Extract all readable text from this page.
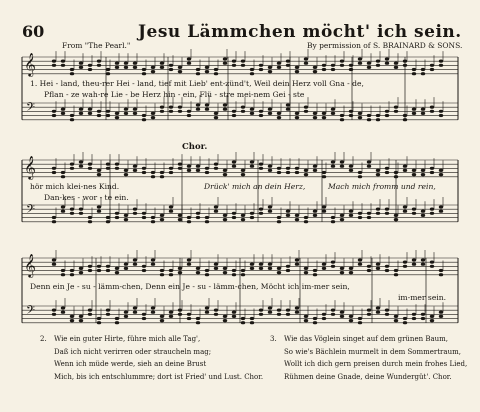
60	Jesu Lämmchen möcht' ich sein.
From "The Pearl."	By permission of S. BRAINARD & SONS.
𝄞
𝄢
𝄞
𝄢
𝄞
𝄢
1. Hei - land, theu-rer Hei - land, tief mit Lieb' ent-zünd't, Weil dein Herz voll Gna - de,
Pflan - ze wah-re Lie - be Herz hin - ein, Flü - stre mei-nem Gei - ste
Chor.
hör mich klei-nes Kind.
Dan-kes - wor - te ein.
Drück' mich an dein Herz,	Mach mich fromm und rein,
Denn ein Je - su - lämm-chen, Denn ein Je - su - lämm-chen, Möcht ich im-mer sein,
im-mer sein.
2. Wie ein guter Hirte, führe mich alle Tag',
Daß ich nicht verirren oder straucheln mag;
Wenn ich müde werde, sieh an deine Brust
Mich, bis ich entschlummre; dort ist Fried' und Lust. Chor.
3. Wie das Vöglein singet auf dem grünen Baum,
So wie's Bächlein murmelt in dem Sommertraum,
Wollt ich dich gern preisen durch mein frohes Lied,
Rühmen deine Gnade, deine Wundergüt'. Chor.
